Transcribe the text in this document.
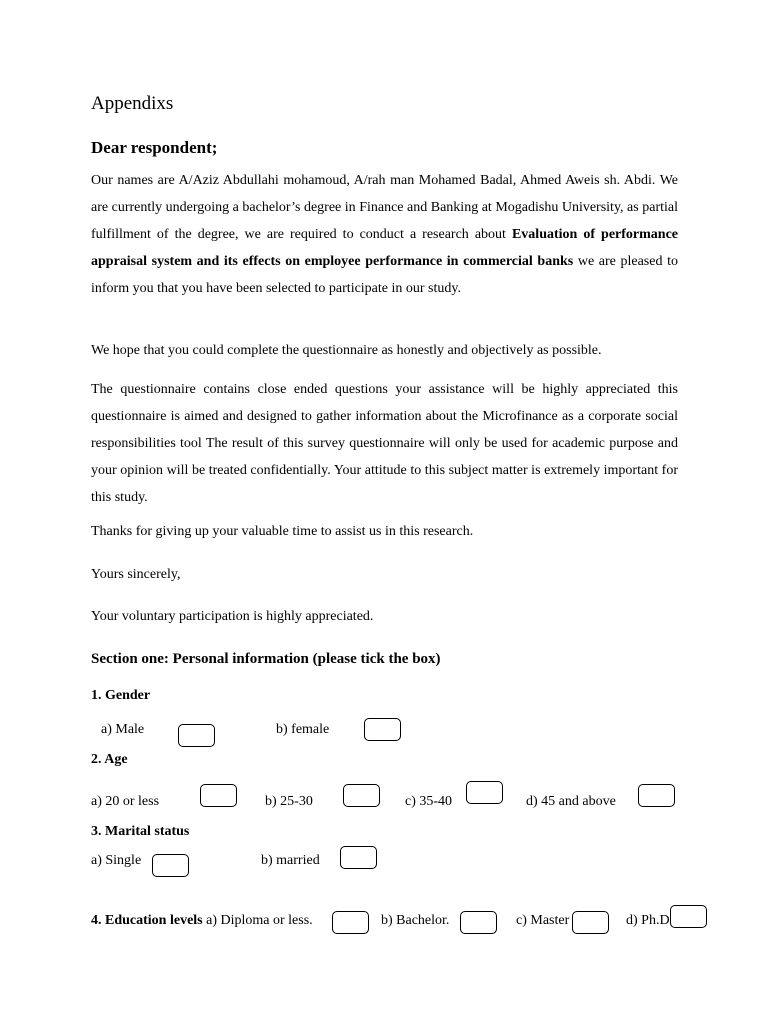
Appendixs
Dear respondent;

Our names are A/Aziz Abdullahi mohamoud, A/rah man Mohamed Badal, Ahmed Aweis sh. Abdi. We are currently undergoing a bachelor’s degree in Finance and Banking at Mogadishu University, as partial fulfillment of the degree, we are required to conduct a research about Evaluation of performance appraisal system and its effects on employee performance in commercial banks we are pleased to inform you that you have been selected to participate in our study.

We hope that you could complete the questionnaire as honestly and objectively as possible.

The questionnaire contains close ended questions your assistance will be highly appreciated this questionnaire is aimed and designed to gather information about the Microfinance as a corporate social responsibilities tool The result of this survey questionnaire will only be used for academic purpose and your opinion will be treated confidentially. Your attitude to this subject matter is extremely important for this study.

Thanks for giving up your valuable time to assist us in this research.
Yours sincerely,
Your voluntary participation is highly appreciated.
Section one: Personal information (please tick the box)
1. Gender
a) Male	b) female
2. Age
a) 20 or less	b) 25-30	c) 35-40	d) 45 and above
3. Marital status
a) Single	b) married
4. Education levels a) Diploma or less.	b) Bachelor.	c) Master	d) Ph.D
